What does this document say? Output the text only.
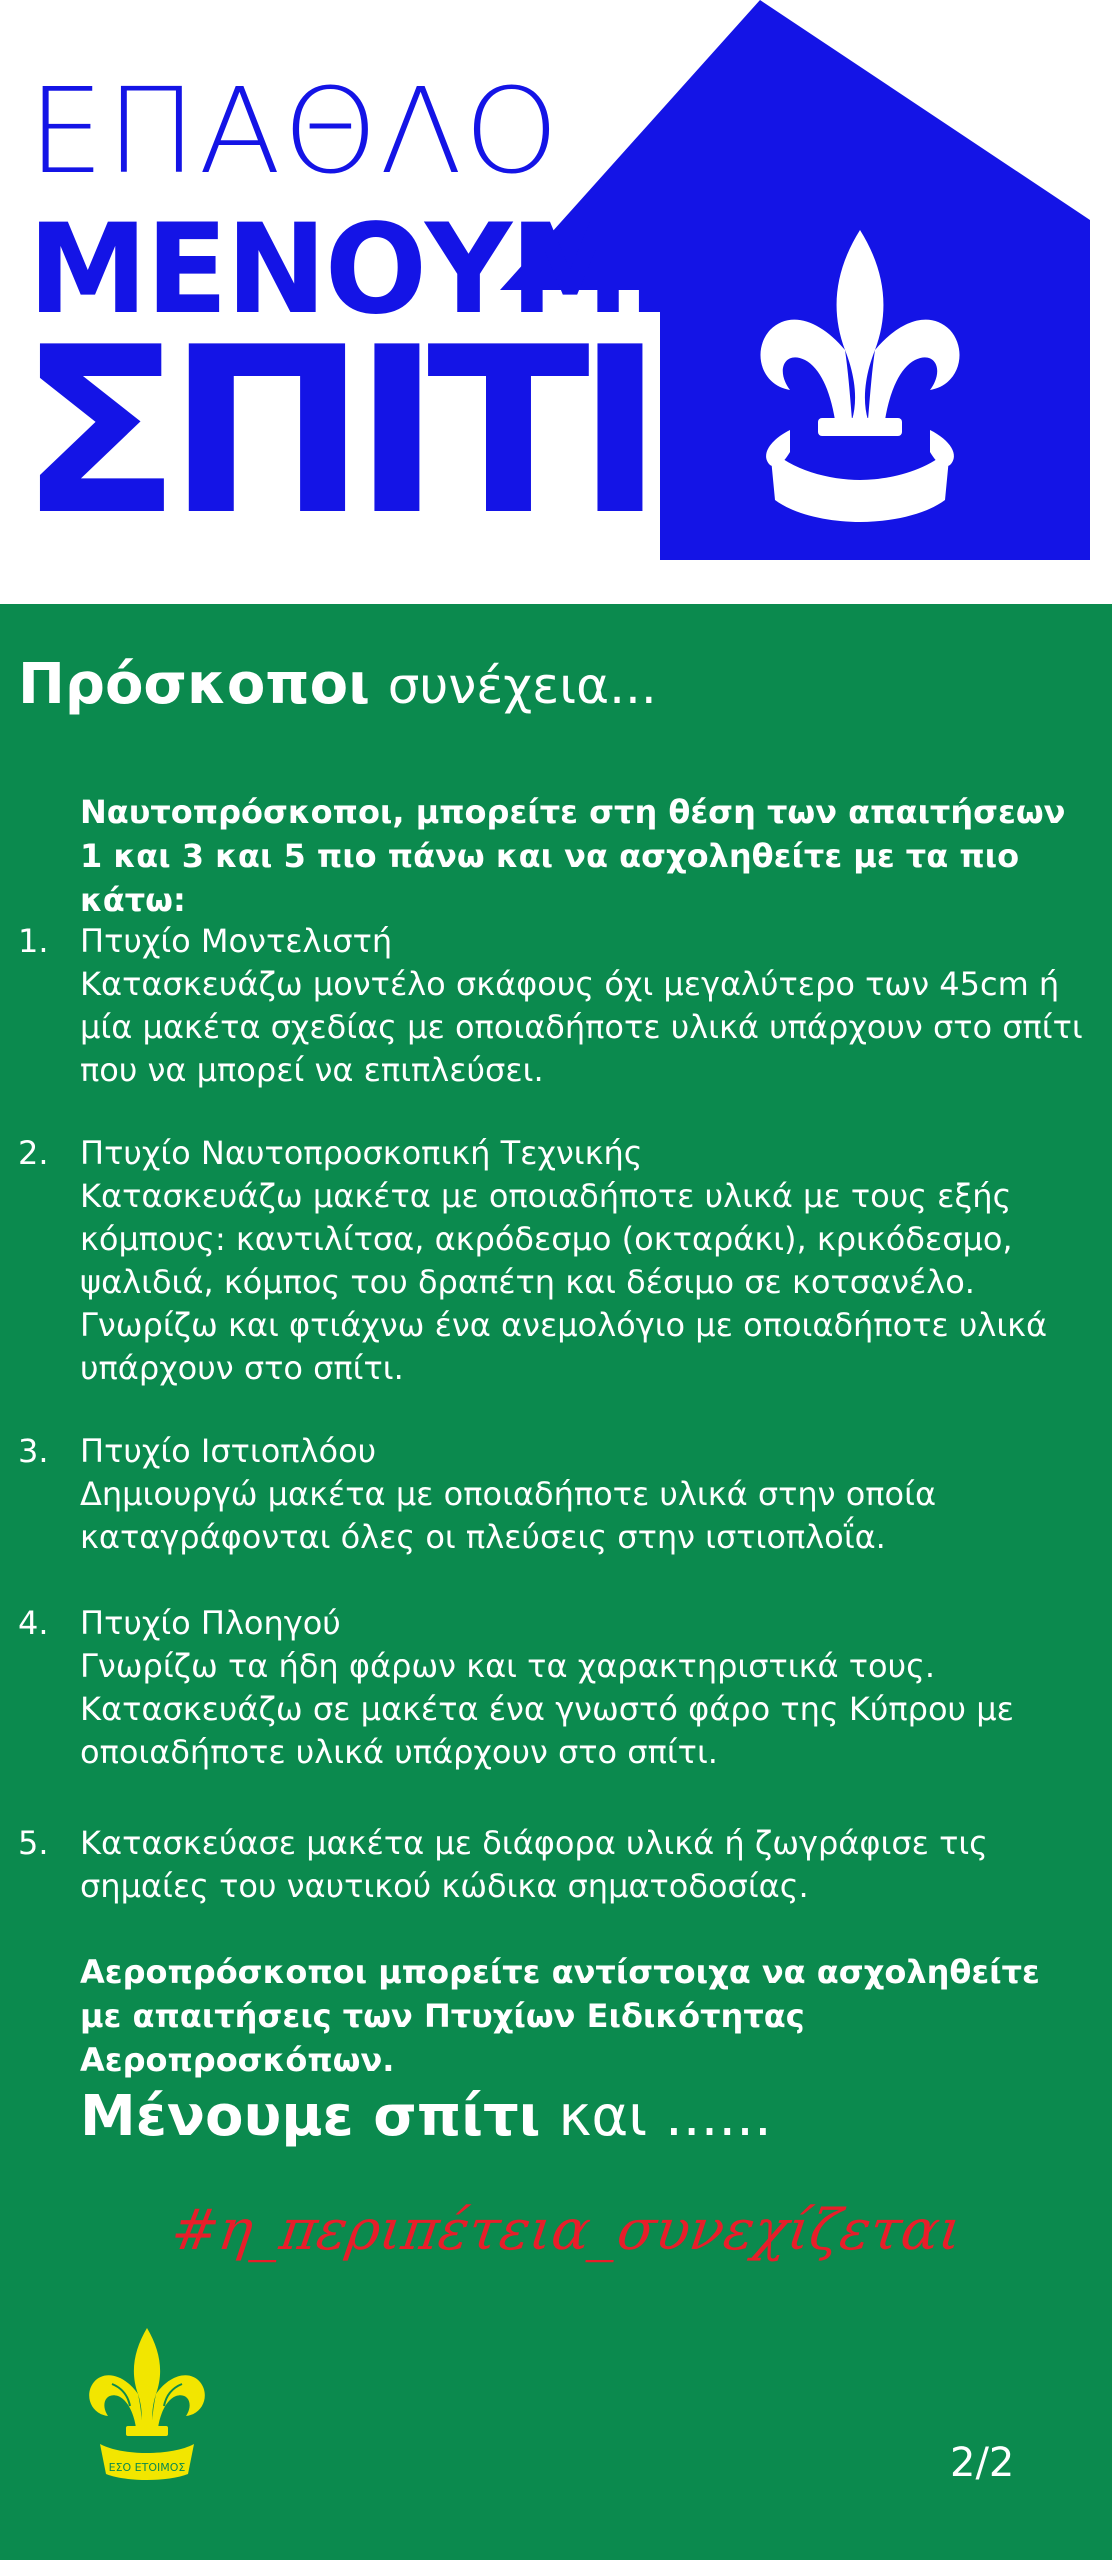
ΕΠΑΘΛΟ
ΜΕΝΟΥΜΕ
ΣΠΙΤΙ
Πρόσκοποι συνέχεια...
Ναυτοπρόσκοποι, μπορείτε στη θέση των απαιτήσεων 1 και 3 και 5 πιο πάνω και να ασχοληθείτε με τα πιο κάτω:
1. Πτυχίο Μοντελιστή
Κατασκευάζω μοντέλο σκάφους όχι μεγαλύτερο των 45cm ή μία μακέτα σχεδίας με οποιαδήποτε υλικά υπάρχουν στο σπίτι που να μπορεί να επιπλεύσει.
2. Πτυχίο Ναυτοπροσκοπική Τεχνικής
Κατασκευάζω μακέτα με οποιαδήποτε υλικά με τους εξής κόμπους: καντιλίτσα, ακρόδεσμο (οκταράκι), κρικόδεσμο, ψαλιδιά, κόμπος του δραπέτη και δέσιμο σε κοτσανέλο. Γνωρίζω και φτιάχνω ένα ανεμολόγιο με οποιαδήποτε υλικά υπάρχουν στο σπίτι.
3. Πτυχίο Ιστιοπλόου
Δημιουργώ μακέτα με οποιαδήποτε υλικά στην οποία καταγράφονται όλες οι πλεύσεις στην ιστιοπλοΐα.
4. Πτυχίο Πλοηγού
Γνωρίζω τα ήδη φάρων και τα χαρακτηριστικά τους. Κατασκευάζω σε μακέτα ένα γνωστό φάρο της Κύπρου με οποιαδήποτε υλικά υπάρχουν στο σπίτι.
5. Κατασκεύασε μακέτα με διάφορα υλικά ή ζωγράφισε τις σημαίες του ναυτικού κώδικα σηματοδοσίας.
Αεροπρόσκοποι μπορείτε αντίστοιχα να ασχοληθείτε με απαιτήσεις των Πτυχίων Ειδικότητας Αεροπροσκόπων.
Μένουμε σπίτι και ......
#η_περιπέτεια_συνεχίζεται
ΕΣΟ ΕΤΟΙΜΟΣ	2/2
